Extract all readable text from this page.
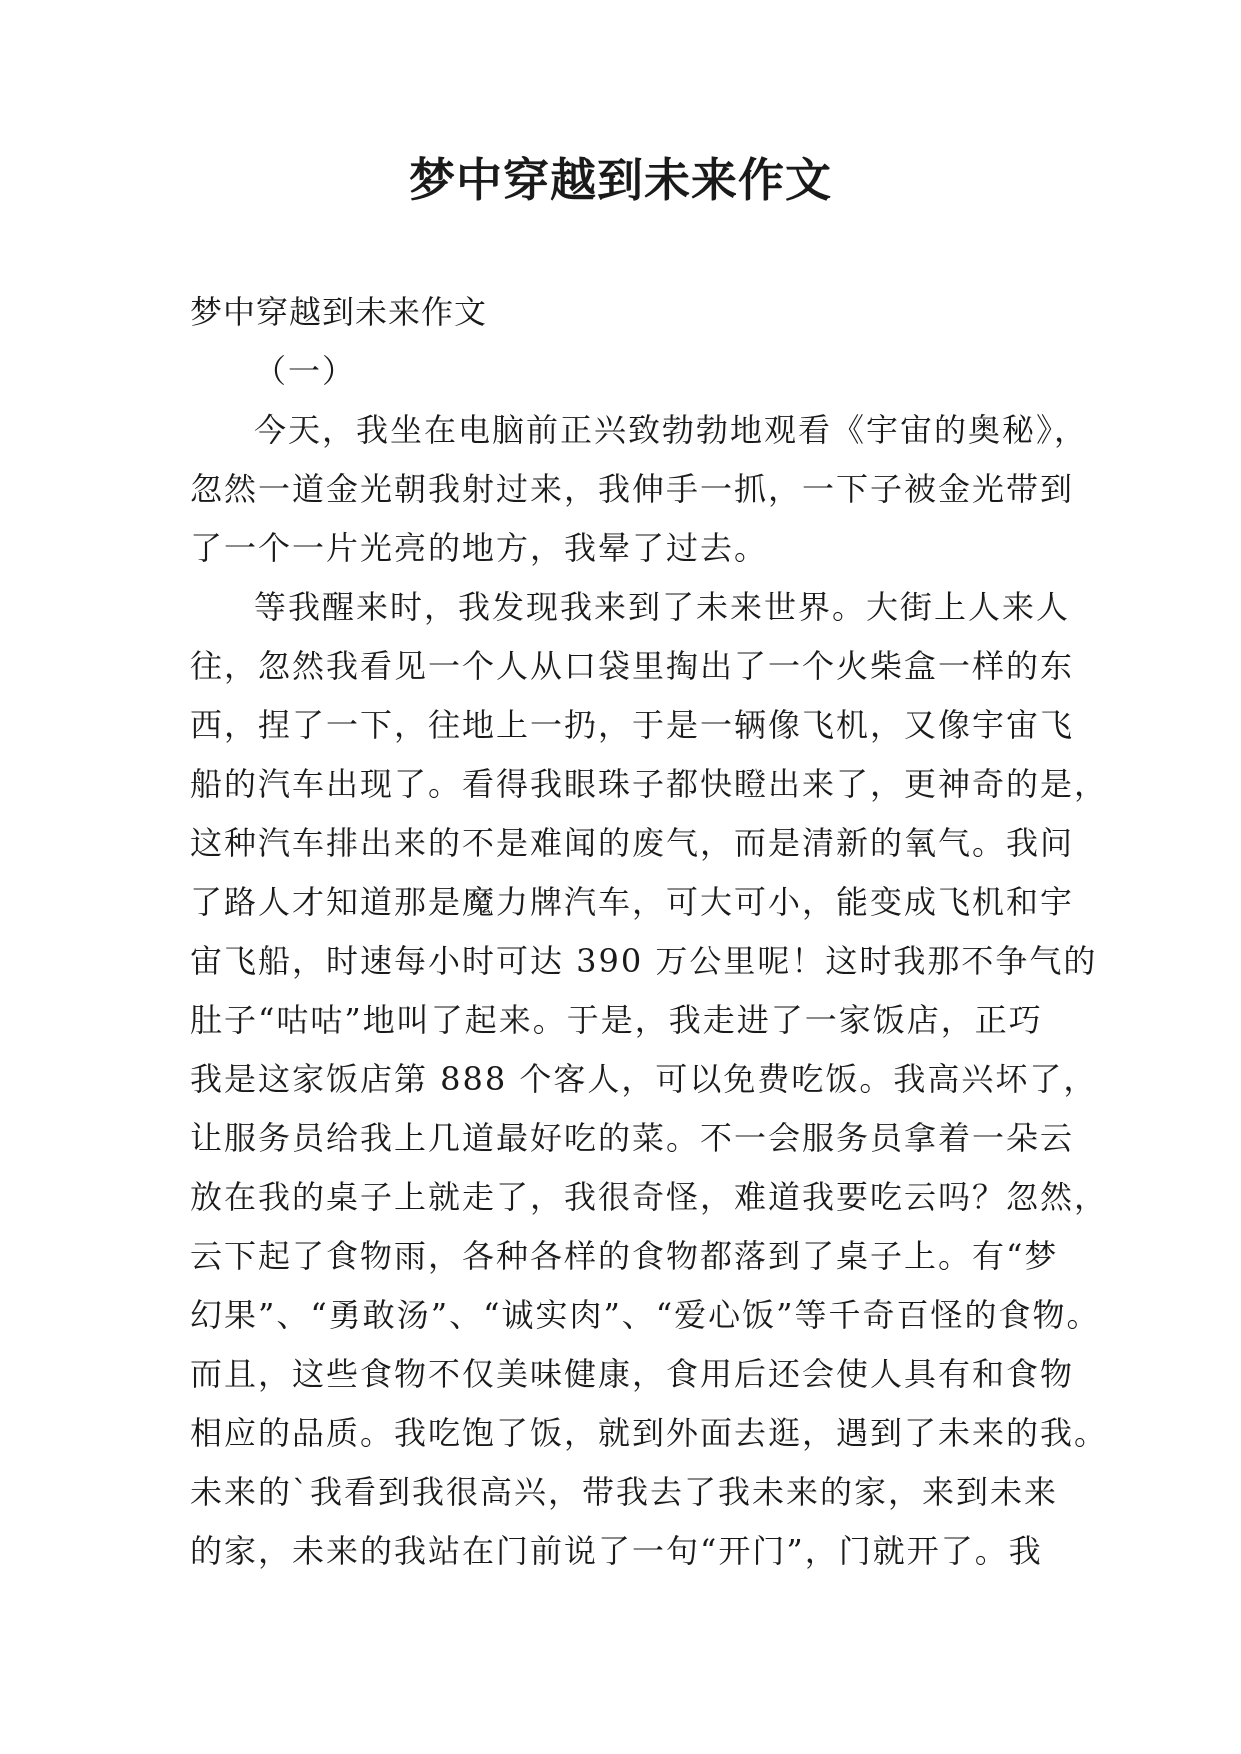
梦中穿越到未来作文

梦中穿越到未来作文

（一）

今天，我坐在电脑前正兴致勃勃地观看《宇宙的奥秘》，

忽然一道金光朝我射过来，我伸手一抓，一下子被金光带到

了一个一片光亮的地方，我晕了过去。

等我醒来时，我发现我来到了未来世界。大街上人来人

往，忽然我看见一个人从口袋里掏出了一个火柴盒一样的东

西，捏了一下，往地上一扔，于是一辆像飞机，又像宇宙飞

船的汽车出现了。看得我眼珠子都快瞪出来了，更神奇的是，

这种汽车排出来的不是难闻的废气，而是清新的氧气。我问

了路人才知道那是魔力牌汽车，可大可小，能变成飞机和宇

宙飞船，时速每小时可达 390 万公里呢！这时我那不争气的

肚子“咕咕”地叫了起来。于是，我走进了一家饭店，正巧

我是这家饭店第 888 个客人，可以免费吃饭。我高兴坏了，

让服务员给我上几道最好吃的菜。不一会服务员拿着一朵云

放在我的桌子上就走了，我很奇怪，难道我要吃云吗？忽然，

云下起了食物雨，各种各样的食物都落到了桌子上。有“梦

幻果”、“勇敢汤”、“诚实肉”、“爱心饭”等千奇百怪的食物。

而且，这些食物不仅美味健康，食用后还会使人具有和食物

相应的品质。我吃饱了饭，就到外面去逛，遇到了未来的我。

未来的`我看到我很高兴，带我去了我未来的家，来到未来

的家，未来的我站在门前说了一句“开门”，门就开了。我
